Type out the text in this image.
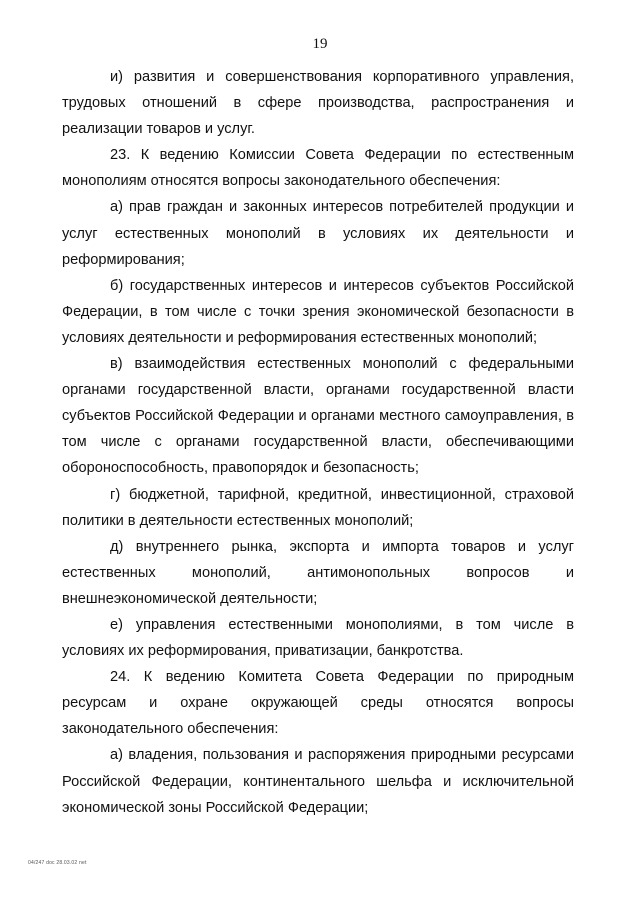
19

и) развития и совершенствования корпоративного управления, трудовых отношений в сфере производства, распространения и реализации товаров и услуг.

23. К ведению Комиссии Совета Федерации по естественным монополиям относятся вопросы законодательного обеспечения:

а) прав граждан и законных интересов потребителей продукции и услуг естественных монополий в условиях их деятельности и реформирования;

б) государственных интересов и интересов субъектов Российской Федерации, в том числе с точки зрения экономической безопасности в условиях деятельности и реформирования естественных монополий;

в) взаимодействия естественных монополий с федеральными органами государственной власти, органами государственной власти субъектов Российской Федерации и органами местного самоуправления, в том числе с органами государственной власти, обеспечивающими обороноспособность, правопорядок и безопасность;

г) бюджетной, тарифной, кредитной, инвестиционной, страховой политики в деятельности естественных монополий;

д) внутреннего рынка, экспорта и импорта товаров и услуг естественных монополий, антимонопольных вопросов и внешнеэкономической деятельности;

е) управления естественными монополиями, в том числе в условиях их реформирования, приватизации, банкротства.

24. К ведению Комитета Совета Федерации по природным ресурсам и охране окружающей среды относятся вопросы законодательного обеспечения:

а) владения, пользования и распоряжения природными ресурсами Российской Федерации, континентального шельфа и исключительной экономической зоны Российской Федерации;

04/247 doc 28.03.02 net
